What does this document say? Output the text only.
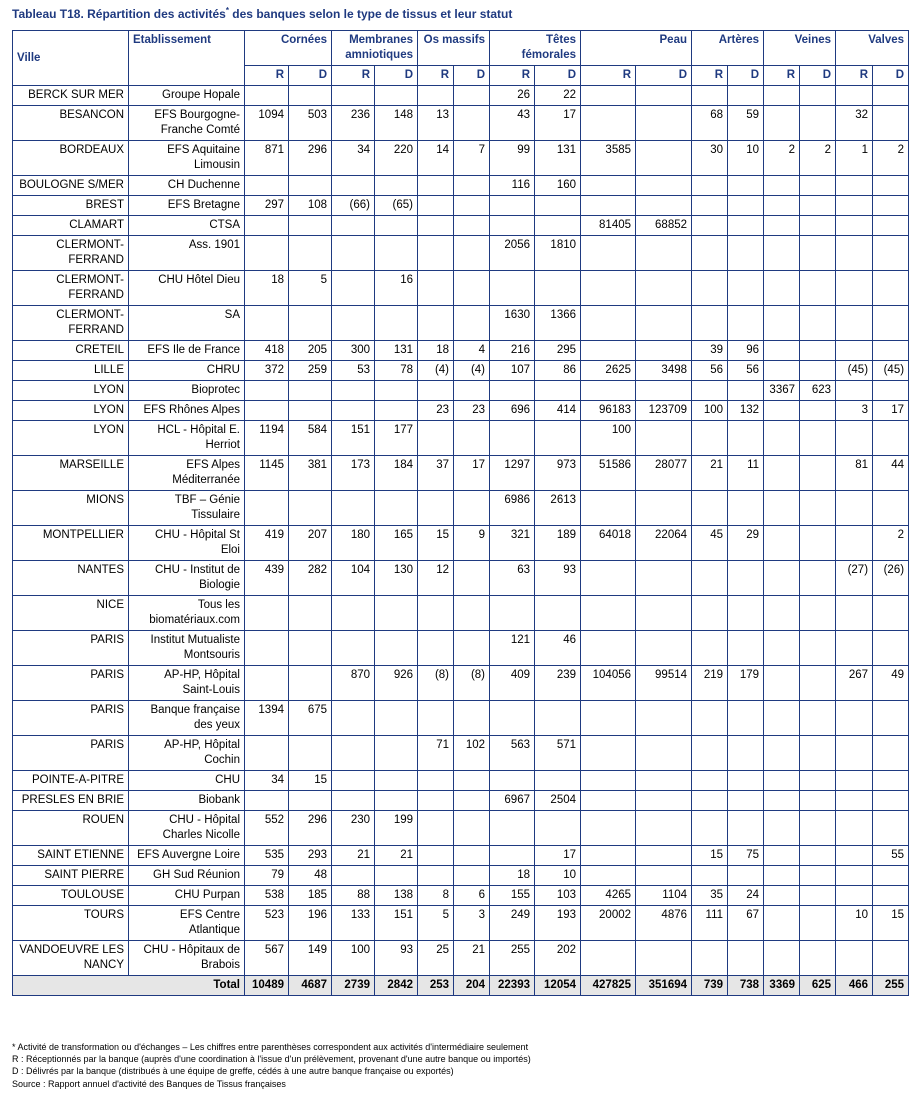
Tableau T18. Répartition des activités* des banques selon le type de tissus et leur statut
Ville	Etablissement	Cornées		Membranes amniotiques		Os massifs		Têtes fémorales		Peau		Artères		Veines		Valves	
		R	D	R	D	R	D	R	D	R	D	R	D	R	D	R	D
BERCK SUR MER	Groupe Hopale							26	22								
BESANCON	EFS Bourgogne-Franche Comté	1094	503	236	148	13		43	17			68	59			32	
BORDEAUX	EFS Aquitaine Limousin	871	296	34	220	14	7	99	131	3585		30	10	2	2	1	2
BOULOGNE S/MER	CH Duchenne							116	160								
BREST	EFS Bretagne	297	108	(66)	(65)												
CLAMART	CTSA									81405	68852						
CLERMONT-FERRAND	Ass. 1901							2056	1810								
CLERMONT-FERRAND	CHU Hôtel Dieu	18	5		16												
CLERMONT-FERRAND	SA							1630	1366								
CRETEIL	EFS Ile de France	418	205	300	131	18	4	216	295			39	96				
LILLE	CHRU	372	259	53	78	(4)	(4)	107	86	2625	3498	56	56			(45)	(45)
LYON	Bioprotec													3367	623		
LYON	EFS Rhônes Alpes					23	23	696	414	96183	123709	100	132			3	17
LYON	HCL - Hôpital E. Herriot	1194	584	151	177					100							
MARSEILLE	EFS Alpes Méditerranée	1145	381	173	184	37	17	1297	973	51586	28077	21	11			81	44
MIONS	TBF – Génie Tissulaire							6986	2613								
MONTPELLIER	CHU - Hôpital St Eloi	419	207	180	165	15	9	321	189	64018	22064	45	29				2
NANTES	CHU - Institut de Biologie	439	282	104	130	12		63	93							(27)	(26)
NICE	Tous les biomatériaux.com																
PARIS	Institut Mutualiste Montsouris							121	46								
PARIS	AP-HP, Hôpital Saint-Louis			870	926	(8)	(8)	409	239	104056	99514	219	179			267	49
PARIS	Banque française des yeux	1394	675														
PARIS	AP-HP, Hôpital Cochin					71	102	563	571								
POINTE-A-PITRE	CHU	34	15														
PRESLES EN BRIE	Biobank							6967	2504								
ROUEN	CHU - Hôpital Charles Nicolle	552	296	230	199												
SAINT ETIENNE	EFS Auvergne Loire	535	293	21	21				17			15	75				55
SAINT PIERRE	GH Sud Réunion	79	48					18	10								
TOULOUSE	CHU Purpan	538	185	88	138	8	6	155	103	4265	1104	35	24				
TOURS	EFS Centre Atlantique	523	196	133	151	5	3	249	193	20002	4876	111	67			10	15
VANDOEUVRE LES NANCY	CHU - Hôpitaux de Brabois	567	149	100	93	25	21	255	202								
Total		10489	4687	2739	2842	253	204	22393	12054	427825	351694	739	738	3369	625	466	255
* Activité de transformation ou d'échanges – Les chiffres entre parenthèses correspondent aux activités d'intermédiaire seulement
R : Réceptionnés par la banque (auprès d'une coordination à l'issue d'un prélèvement, provenant d'une autre banque ou importés)
D : Délivrés par la banque (distribués à une équipe de greffe, cédés à une autre banque française ou exportés)
Source : Rapport annuel d'activité des Banques de Tissus françaises
